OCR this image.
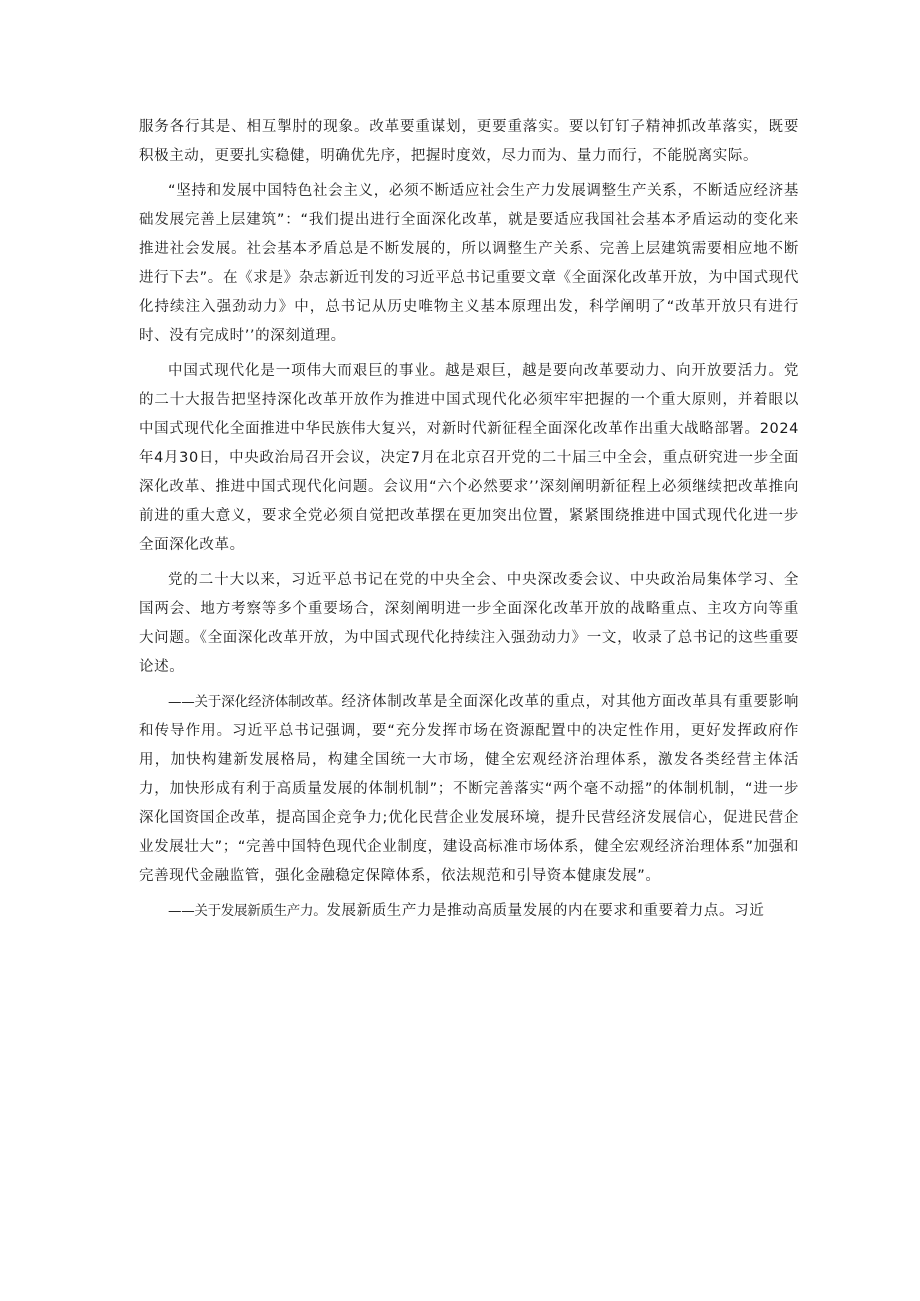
服务各行其是、相互掣肘的现象。改革要重谋划，更要重落实。要以钉钉子精神抓改革落实，既要积极主动，更要扎实稳健，明确优先序，把握时度效，尽力而为、量力而行，不能脱离实际。

“坚持和发展中国特色社会主义，必须不断适应社会生产力发展调整生产关系，不断适应经济基础发展完善上层建筑”：“我们提出进行全面深化改革，就是要适应我国社会基本矛盾运动的变化来推进社会发展。社会基本矛盾总是不断发展的，所以调整生产关系、完善上层建筑需要相应地不断进行下去”。在《求是》杂志新近刊发的习近平总书记重要文章《全面深化改革开放，为中国式现代化持续注入强劲动力》中，总书记从历史唯物主义基本原理出发，科学阐明了“改革开放只有进行时、没有完成时’’的深刻道理。

中国式现代化是一项伟大而艰巨的事业。越是艰巨，越是要向改革要动力、向开放要活力。党的二十大报告把坚持深化改革开放作为推进中国式现代化必须牢牢把握的一个重大原则，并着眼以中国式现代化全面推进中华民族伟大复兴，对新时代新征程全面深化改革作出重大战略部署。2024年4月30日，中央政治局召开会议，决定7月在北京召开党的二十届三中全会，重点研究进一步全面深化改革、推进中国式现代化问题。会议用“六个必然要求’’深刻阐明新征程上必须继续把改革推向前进的重大意义，要求全党必须自觉把改革摆在更加突出位置，紧紧围绕推进中国式现代化进一步全面深化改革。

党的二十大以来，习近平总书记在党的中央全会、中央深改委会议、中央政治局集体学习、全国两会、地方考察等多个重要场合，深刻阐明进一步全面深化改革开放的战略重点、主攻方向等重大问题。《全面深化改革开放，为中国式现代化持续注入强劲动力》一文，收录了总书记的这些重要论述。

——关于深化经济体制改革。经济体制改革是全面深化改革的重点，对其他方面改革具有重要影响和传导作用。习近平总书记强调，要“充分发挥市场在资源配置中的决定性作用，更好发挥政府作用，加快构建新发展格局，构建全国统一大市场，健全宏观经济治理体系，激发各类经营主体活力，加快形成有利于高质量发展的体制机制”；不断完善落实“两个毫不动摇”的体制机制，“进一步深化国资国企改革，提高国企竞争力;优化民营企业发展环境，提升民营经济发展信心，促进民营企业发展壮大”；“完善中国特色现代企业制度，建设高标准市场体系，健全宏观经济治理体系”加强和完善现代金融监管，强化金融稳定保障体系，依法规范和引导资本健康发展”。

——关于发展新质生产力。发展新质生产力是推动高质量发展的内在要求和重要着力点。习近
